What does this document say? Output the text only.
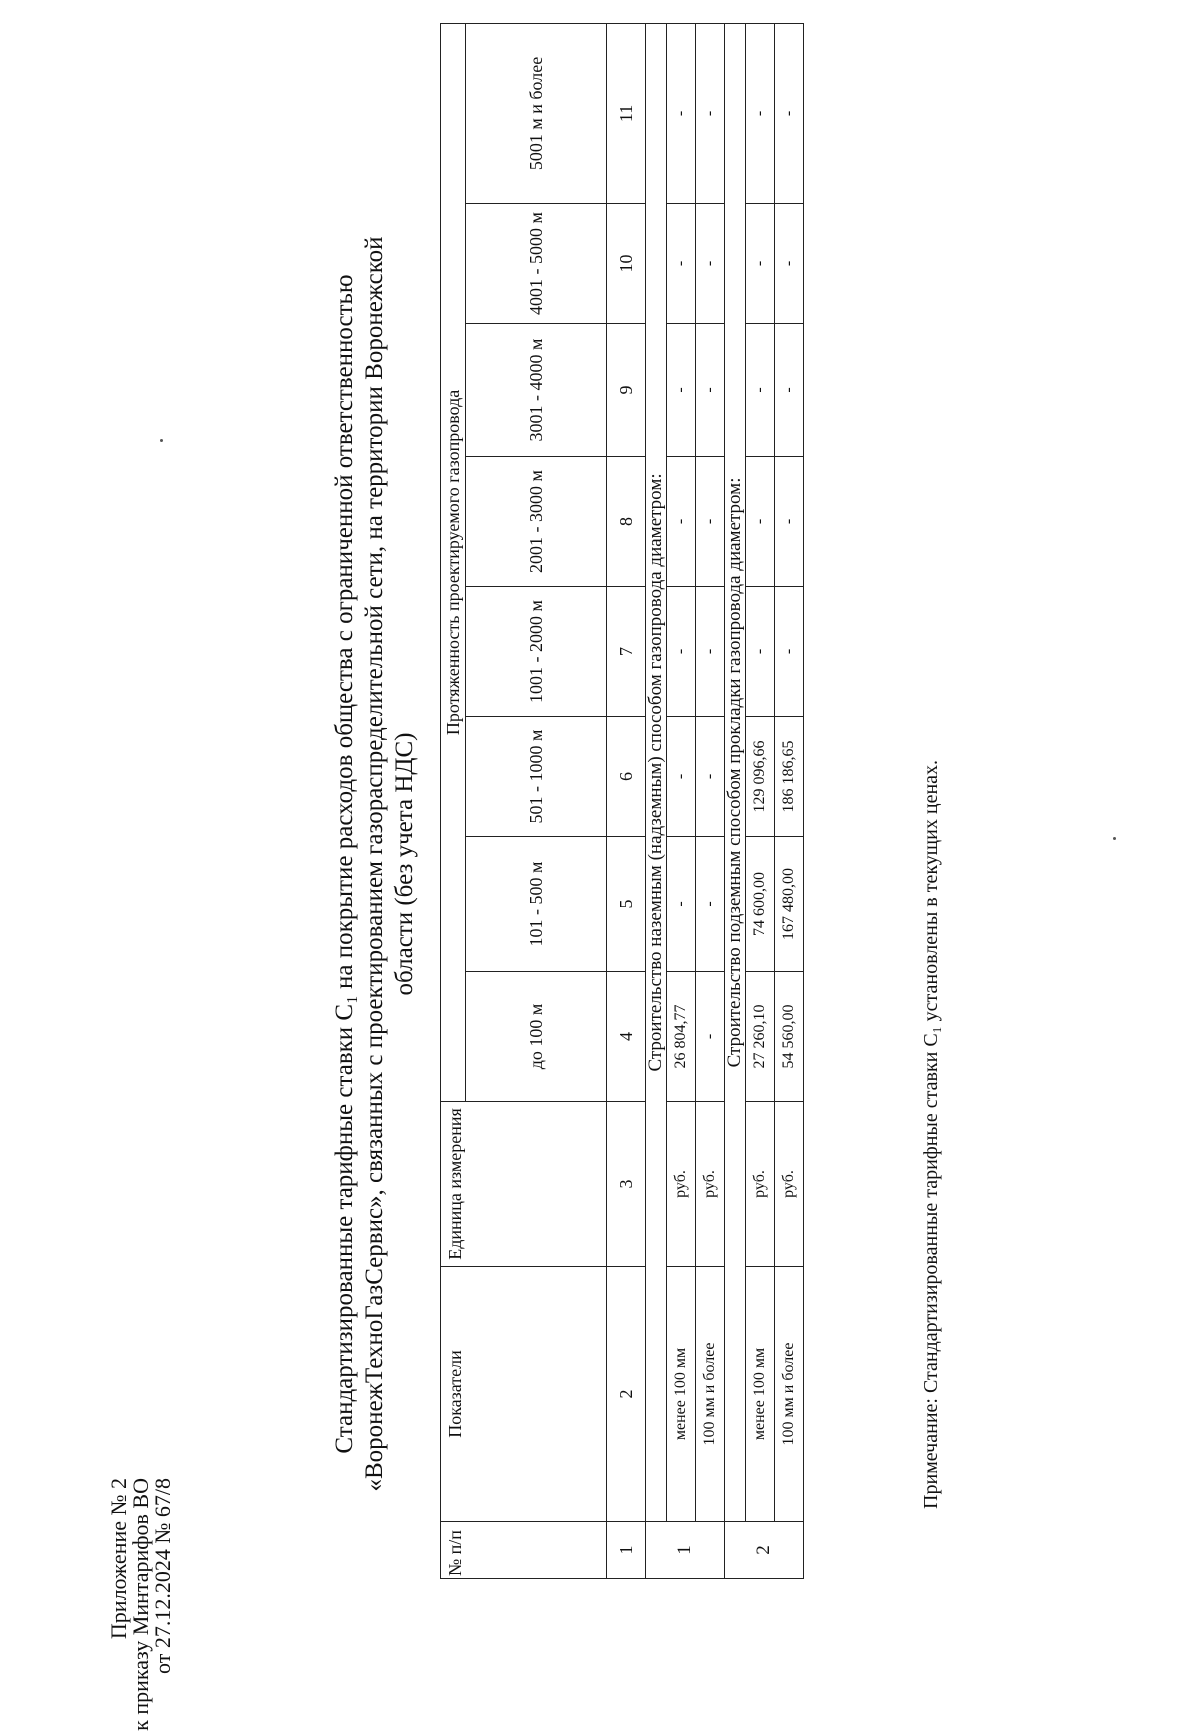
Приложение № 2
к приказу Минтарифов ВО
от 27.12.2024 № 67/8
Стандартизированные тарифные ставки С₁ на покрытие расходов общества с ограниченной ответственностью «ВоронежТехноГазСервис», связанных с проектированием газораспределительной сети, на территории Воронежской области (без учета НДС)
№ п/п	Показатели	Единица измерения	Протяженность проектируемого газопровода							
			до 100 м	101 - 500 м	501 - 1000 м	1001 - 2000 м	2001 - 3000 м	3001 - 4000 м	4001 - 5000 м	5001 м и более
1	2	3	4	5	6	7	8	9	10	11
1	Строительство наземным (надземным) способом газопровода диаметром:									
	менее 100 мм	руб.	26 804,77	-	-	-	-	-	-	-
	100 мм и более	руб.	-	-	-	-	-	-	-	-
2	Строительство подземным способом прокладки газопровода диаметром:									
	менее 100 мм	руб.	27 260,10	74 600,00	129 096,66	-	-	-	-	-
	100 мм и более	руб.	54 560,00	167 480,00	186 186,65	-	-	-	-	-
Примечание: Стандартизированные тарифные ставки С₁ установлены в текущих ценах.
